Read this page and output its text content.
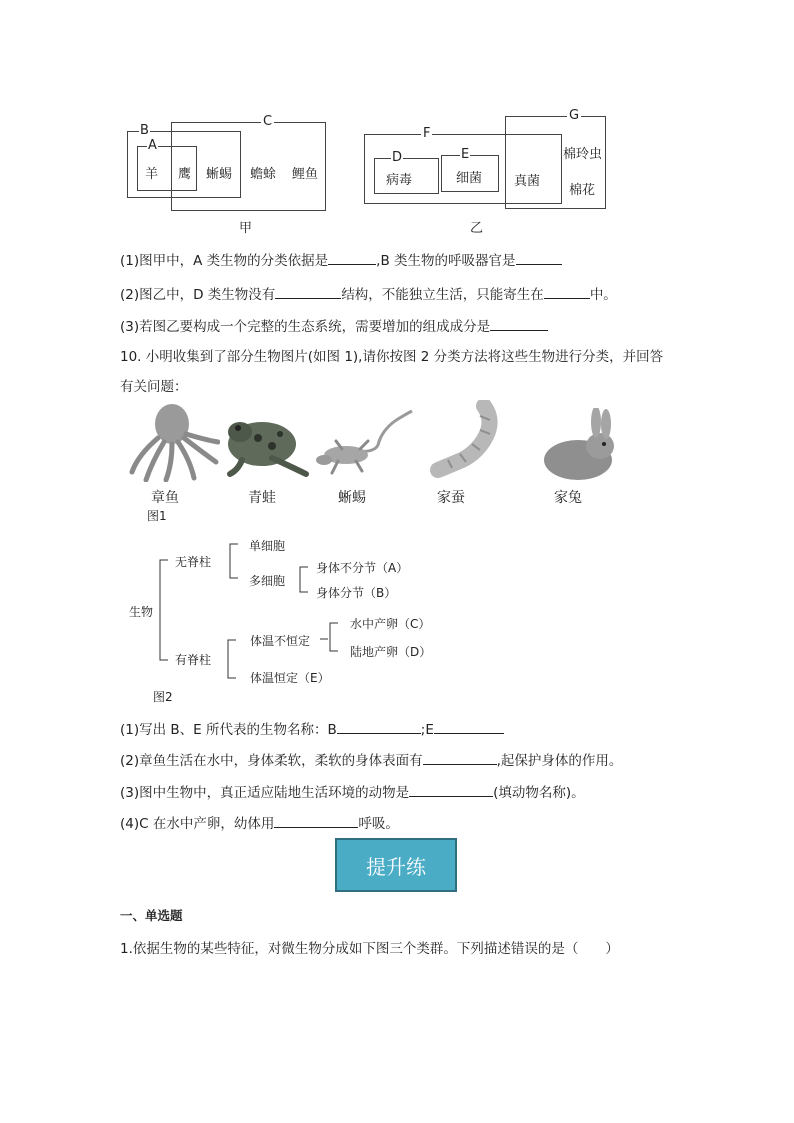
B
A
C
羊 鹰 蜥蜴 蟾蜍 鲤鱼
甲
F
D	E
G
病毒	细菌 真菌
棉玲虫
棉花
乙
(1)图甲中，A 类生物的分类依据是	,B 类生物的呼吸器官是
(2)图乙中，D 类生物没有	结构，不能独立生活，只能寄生在	中。
(3)若图乙要构成一个完整的生态系统，需要增加的组成成分是
10. 小明收集到了部分生物图片(如图 1),请你按图 2 分类方法将这些生物进行分类，并回答
有关问题：
章鱼	青蛙	蜥蜴	家蚕	家兔
图1
生物
无脊柱
单细胞
多细胞
身体不分节（A）
身体分节（B）
有脊柱
体温不恒定
水中产卵（C）
陆地产卵（D）
体温恒定（E）
图2
(1)写出 B、E 所代表的生物名称：B	;E
(2)章鱼生活在水中，身体柔软，柔软的身体表面有	,起保护身体的作用。
(3)图中生物中，真正适应陆地生活环境的动物是	(填动物名称)。
(4)C 在水中产卵，幼体用	呼吸。
提升练
一、单选题
1.依据生物的某些特征，对微生物分成如下图三个类群。下列描述错误的是（　　）
